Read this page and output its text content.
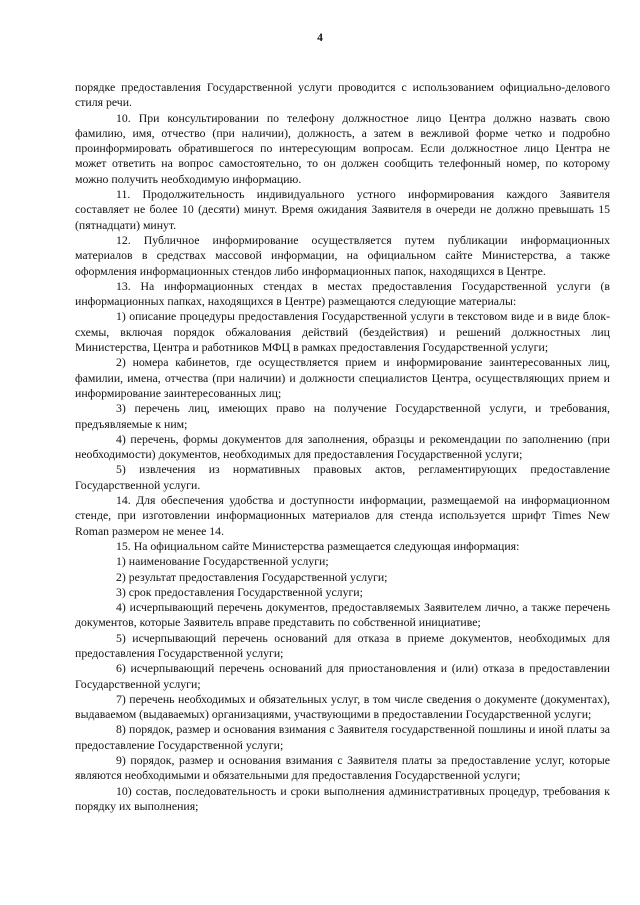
4

порядке предоставления Государственной услуги проводится с использованием официально-делового стиля речи.

10. При консультировании по телефону должностное лицо Центра должно назвать свою фамилию, имя, отчество (при наличии), должность, а затем в вежливой форме четко и подробно проинформировать обратившегося по интересующим вопросам. Если должностное лицо Центра не может ответить на вопрос самостоятельно, то он должен сообщить телефонный номер, по которому можно получить необходимую информацию.

11. Продолжительность индивидуального устного информирования каждого Заявителя составляет не более 10 (десяти) минут. Время ожидания Заявителя в очереди не должно превышать 15 (пятнадцати) минут.

12. Публичное информирование осуществляется путем публикации информационных материалов в средствах массовой информации, на официальном сайте Министерства, а также оформления информационных стендов либо информационных папок, находящихся в Центре.

13. На информационных стендах в местах предоставления Государственной услуги (в информационных папках, находящихся в Центре) размещаются следующие материалы:

1) описание процедуры предоставления Государственной услуги в текстовом виде и в виде блок-схемы, включая порядок обжалования действий (бездействия) и решений должностных лиц Министерства, Центра и работников МФЦ в рамках предоставления Государственной услуги;

2) номера кабинетов, где осуществляется прием и информирование заинтересованных лиц, фамилии, имена, отчества (при наличии) и должности специалистов Центра, осуществляющих прием и информирование заинтересованных лиц;

3) перечень лиц, имеющих право на получение Государственной услуги, и требования, предъявляемые к ним;

4) перечень, формы документов для заполнения, образцы и рекомендации по заполнению (при необходимости) документов, необходимых для предоставления Государственной услуги;

5) извлечения из нормативных правовых актов, регламентирующих предоставление Государственной услуги.

14. Для обеспечения удобства и доступности информации, размещаемой на информационном стенде, при изготовлении информационных материалов для стенда используется шрифт Times New Roman размером не менее 14.

15. На официальном сайте Министерства размещается следующая информация:

1) наименование Государственной услуги;

2) результат предоставления Государственной услуги;

3) срок предоставления Государственной услуги;

4) исчерпывающий перечень документов, предоставляемых Заявителем лично, а также перечень документов, которые Заявитель вправе представить по собственной инициативе;

5) исчерпывающий перечень оснований для отказа в приеме документов, необходимых для предоставления Государственной услуги;

6) исчерпывающий перечень оснований для приостановления и (или) отказа в предоставлении Государственной услуги;

7) перечень необходимых и обязательных услуг, в том числе сведения о документе (документах), выдаваемом (выдаваемых) организациями, участвующими в предоставлении Государственной услуги;

8) порядок, размер и основания взимания с Заявителя государственной пошлины и иной платы за предоставление Государственной услуги;

9) порядок, размер и основания взимания с Заявителя платы за предоставление услуг, которые являются необходимыми и обязательными для предоставления Государственной услуги;

10) состав, последовательность и сроки выполнения административных процедур, требования к порядку их выполнения;
